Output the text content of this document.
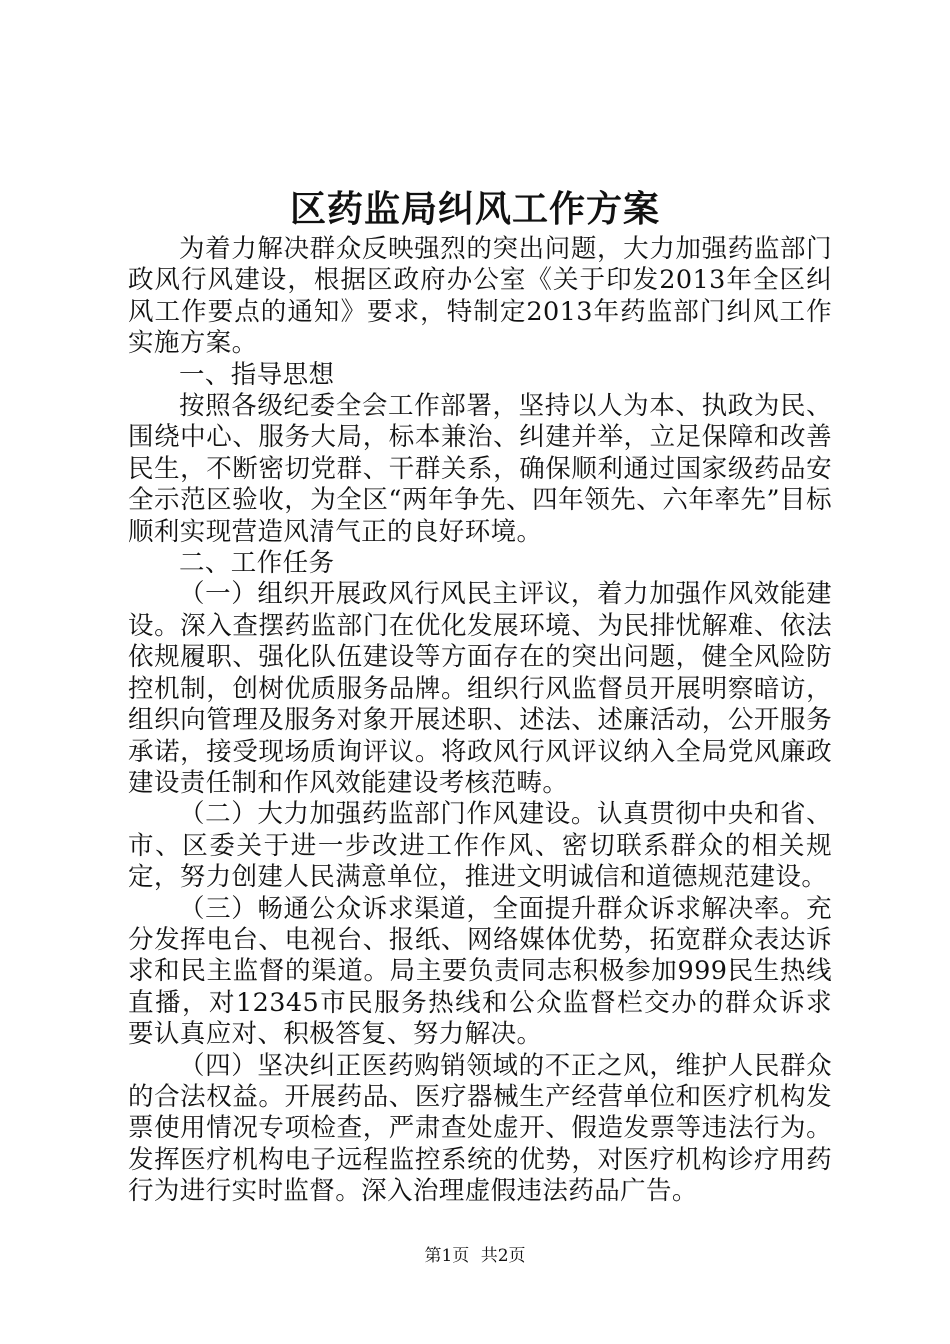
区药监局纠风工作方案

为着力解决群众反映强烈的突出问题，大力加强药监部门政风行风建设，根据区政府办公室《关于印发2013年全区纠风工作要点的通知》要求，特制定2013年药监部门纠风工作实施方案。

一、指导思想

按照各级纪委全会工作部署，坚持以人为本、执政为民、围绕中心、服务大局，标本兼治、纠建并举，立足保障和改善民生，不断密切党群、干群关系，确保顺利通过国家级药品安全示范区验收，为全区“两年争先、四年领先、六年率先”目标顺利实现营造风清气正的良好环境。

二、工作任务

（一）组织开展政风行风民主评议，着力加强作风效能建设。深入查摆药监部门在优化发展环境、为民排忧解难、依法依规履职、强化队伍建设等方面存在的突出问题，健全风险防控机制，创树优质服务品牌。组织行风监督员开展明察暗访，组织向管理及服务对象开展述职、述法、述廉活动，公开服务承诺，接受现场质询评议。将政风行风评议纳入全局党风廉政建设责任制和作风效能建设考核范畴。

（二）大力加强药监部门作风建设。认真贯彻中央和省、市、区委关于进一步改进工作作风、密切联系群众的相关规定，努力创建人民满意单位，推进文明诚信和道德规范建设。

（三）畅通公众诉求渠道，全面提升群众诉求解决率。充分发挥电台、电视台、报纸、网络媒体优势，拓宽群众表达诉求和民主监督的渠道。局主要负责同志积极参加999民生热线直播，对12345市民服务热线和公众监督栏交办的群众诉求要认真应对、积极答复、努力解决。

（四）坚决纠正医药购销领域的不正之风，维护人民群众的合法权益。开展药品、医疗器械生产经营单位和医疗机构发票使用情况专项检查，严肃查处虚开、假造发票等违法行为。发挥医疗机构电子远程监控系统的优势，对医疗机构诊疗用药行为进行实时监督。深入治理虚假违法药品广告。

第1页 共2页
